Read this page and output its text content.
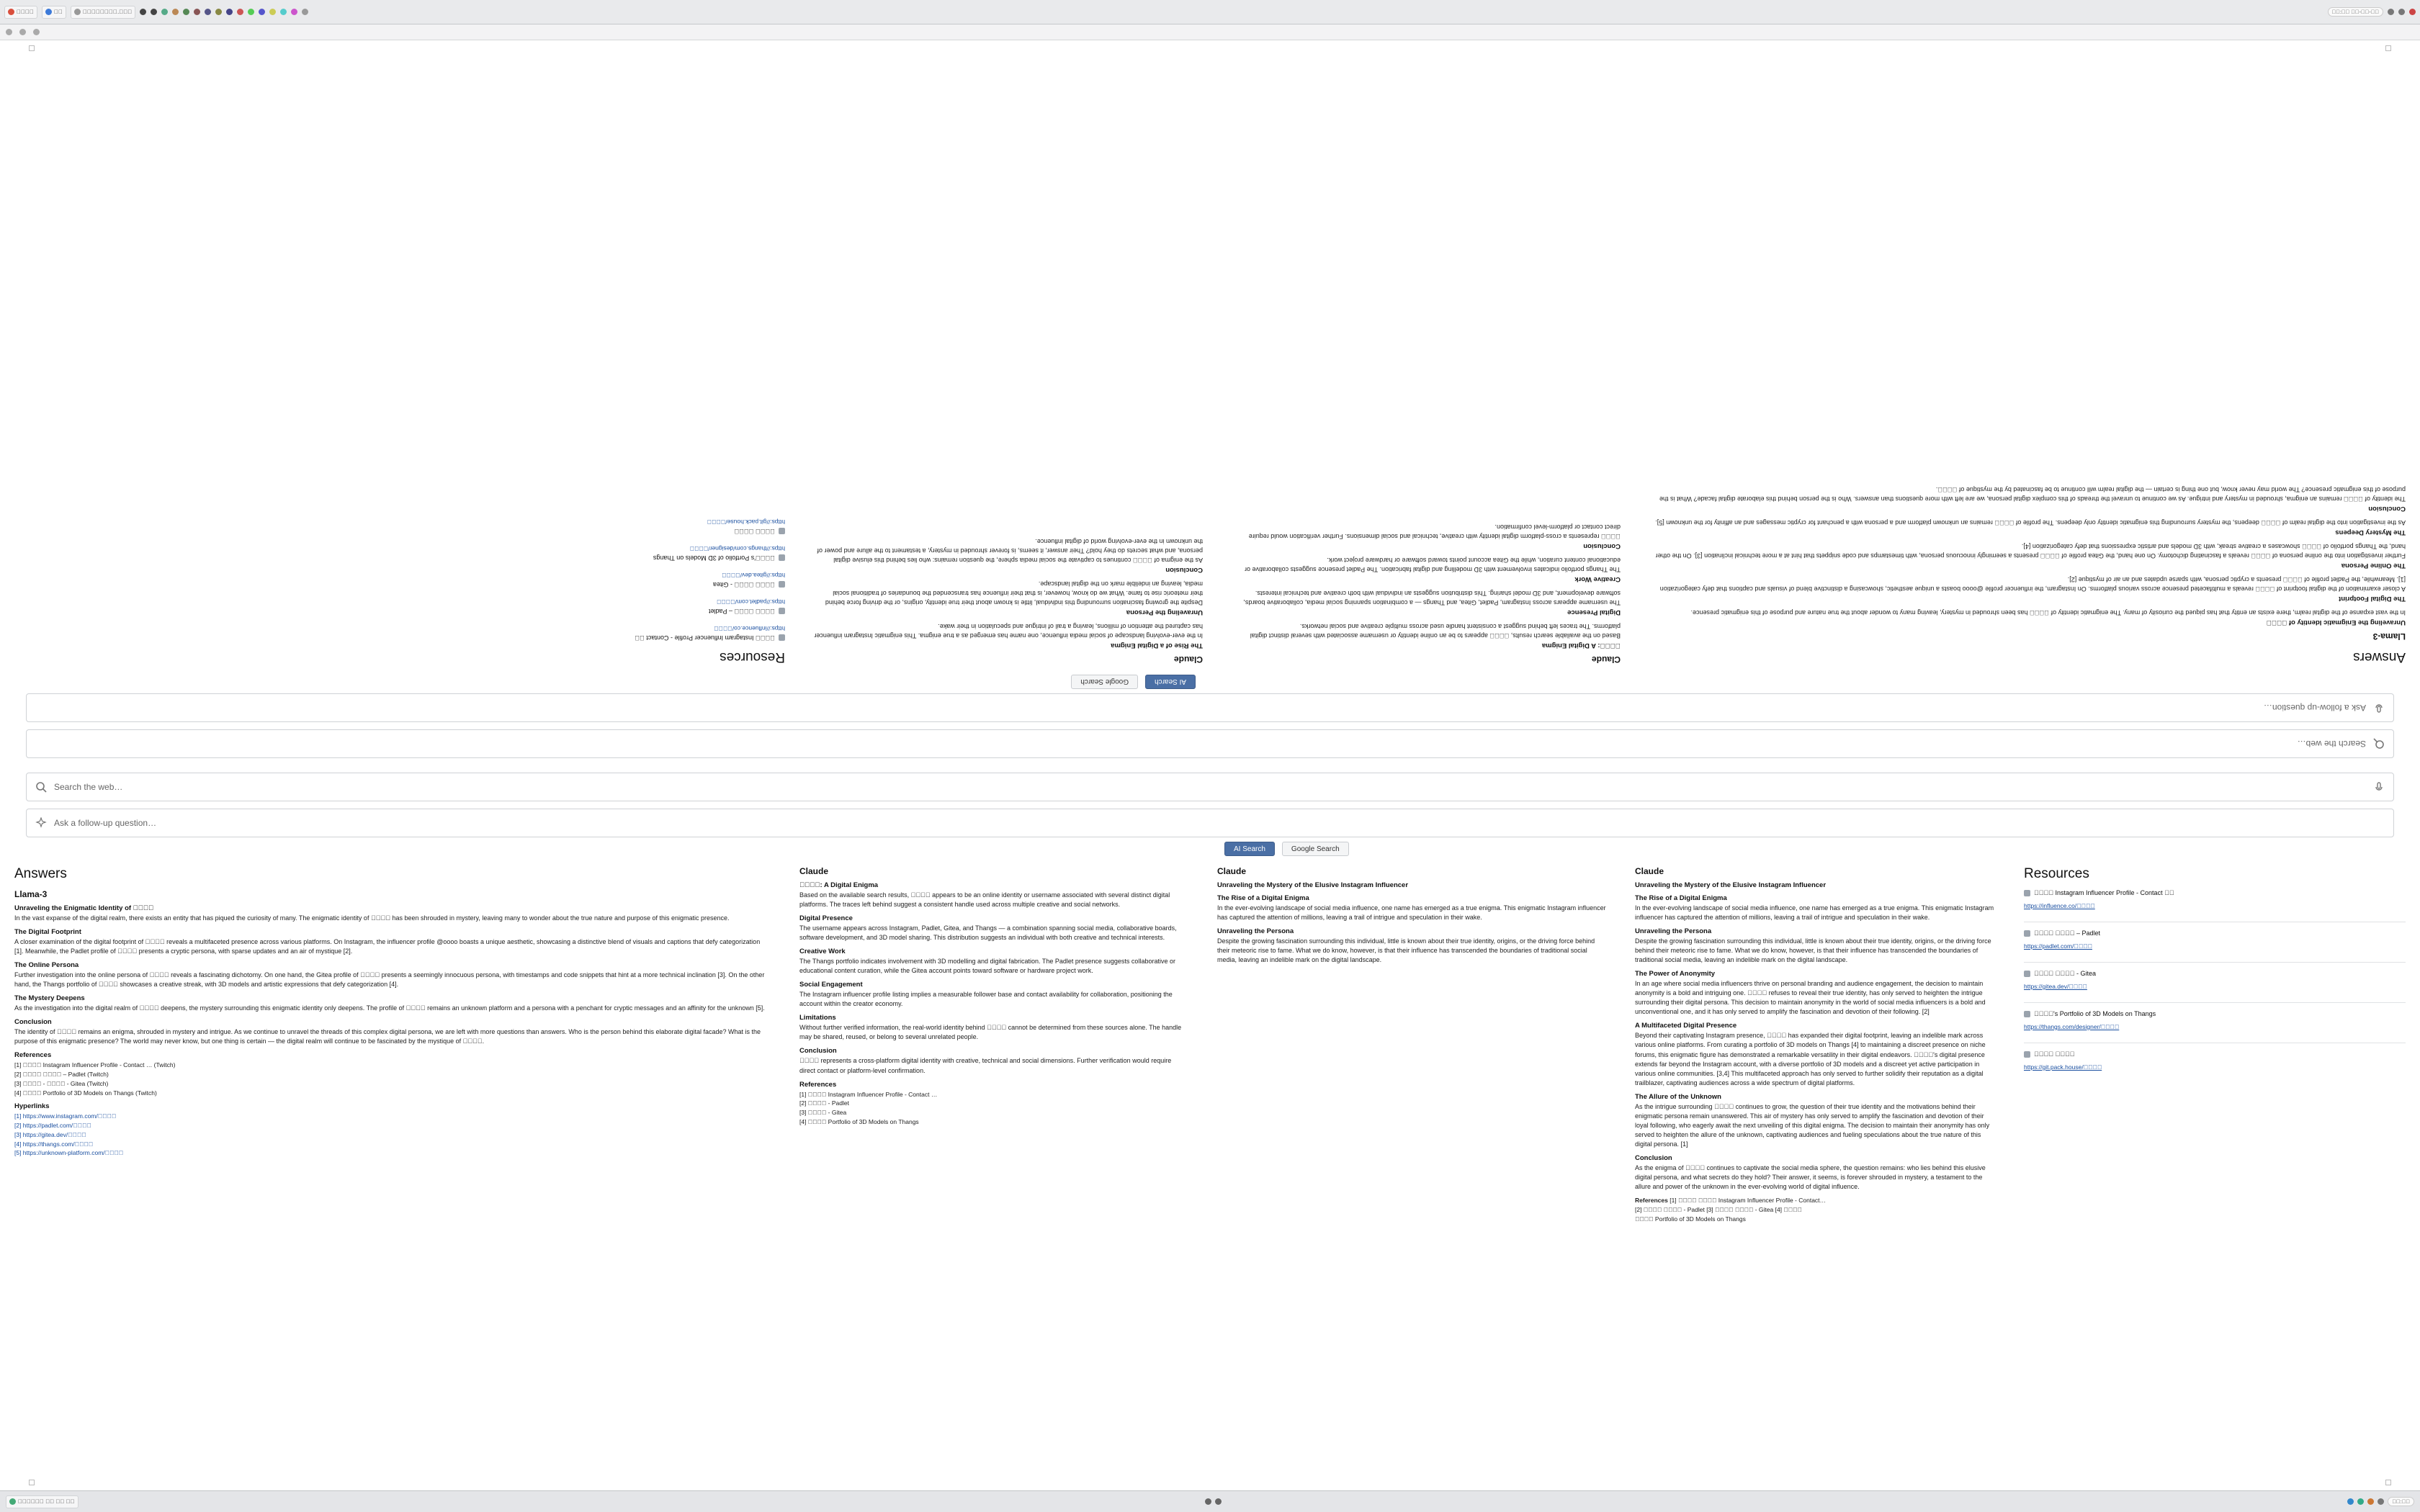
    	  	        .   	  :     -  -  
Search the web…
Ask a follow-up question…
AI Search
Google Search
Answers
Llama-3
Unraveling the Enigmatic Identity of     

In the vast expanse of the digital realm, there exists an entity that has piqued the curiosity of many. The enigmatic identity of      has been shrouded in mystery, leaving many to wonder about the true nature and purpose of this enigmatic presence.

The Digital Footprint

A closer examination of the digital footprint of      reveals a multifaceted presence across various platforms. On Instagram, the influencer profile @oooo boasts a unique aesthetic, showcasing a distinctive blend of visuals and captions that defy categorization [1]. Meanwhile, the Padlet profile of      presents a cryptic persona, with sparse updates and an air of mystique [2].

The Online Persona

Further investigation into the online persona of      reveals a fascinating dichotomy. On one hand, the Gitea profile of      presents a seemingly innocuous persona, with timestamps and code snippets that hint at a more technical inclination [3]. On the other hand, the Thangs portfolio of      showcases a creative streak, with 3D models and artistic expressions that defy categorization [4].

The Mystery Deepens

As the investigation into the digital realm of      deepens, the mystery surrounding this enigmatic identity only deepens. The profile of      remains an unknown platform and a persona with a penchant for cryptic messages and an affinity for the unknown [5].

Conclusion

The identity of      remains an enigma, shrouded in mystery and intrigue. As we continue to unravel the threads of this complex digital persona, we are left with more questions than answers. Who is the person behind this elaborate digital facade? What is the purpose of this enigmatic presence? The world may never know, but one thing is certain — the digital realm will continue to be fascinated by the mystique of     .

Claude
    : A Digital Enigma

Based on the available search results,      appears to be an online identity or username associated with several distinct digital platforms. The traces left behind suggest a consistent handle used across multiple creative and social networks.

Digital Presence

The username appears across Instagram, Padlet, Gitea, and Thangs — a combination spanning social media, collaborative boards, software development, and 3D model sharing. This distribution suggests an individual with both creative and technical interests.

Creative Work

The Thangs portfolio indicates involvement with 3D modelling and digital fabrication. The Padlet presence suggests collaborative or educational content curation, while the Gitea account points toward software or hardware project work.

Conclusion

     represents a cross-platform digital identity with creative, technical and social dimensions. Further verification would require direct contact or platform-level confirmation.

Claude
The Rise of a Digital Enigma

In the ever-evolving landscape of social media influence, one name has emerged as a true enigma. This enigmatic Instagram influencer has captured the attention of millions, leaving a trail of intrigue and speculation in their wake.

Unraveling the Persona

Despite the growing fascination surrounding this individual, little is known about their true identity, origins, or the driving force behind their meteoric rise to fame. What we do know, however, is that their influence has transcended the boundaries of traditional social media, leaving an indelible mark on the digital landscape.

Conclusion

As the enigma of      continues to captivate the social media sphere, the question remains: who lies behind this elusive digital persona, and what secrets do they hold? Their answer, it seems, is forever shrouded in mystery, a testament to the allure and power of the unknown in the ever-evolving world of digital influence.

Resources
     Instagram Influencer Profile - Contact   
https://influence.co/    
          – Padlet
https://padlet.com/    
          - Gitea
https://gitea.dev/    
    's Portfolio of 3D Models on Thangs
https://thangs.com/designer/    
         
https://git.pack.house/    
Search the web…
Ask a follow-up question…
AI Search	Google Search
Answers
Llama-3
Unraveling the Enigmatic Identity of     

In the vast expanse of the digital realm, there exists an entity that has piqued the curiosity of many. The enigmatic identity of      has been shrouded in mystery, leaving many to wonder about the true nature and purpose of this enigmatic presence.

The Digital Footprint

A closer examination of the digital footprint of      reveals a multifaceted presence across various platforms. On Instagram, the influencer profile @oooo boasts a unique aesthetic, showcasing a distinctive blend of visuals and captions that defy categorization [1]. Meanwhile, the Padlet profile of      presents a cryptic persona, with sparse updates and an air of mystique [2].

The Online Persona

Further investigation into the online persona of      reveals a fascinating dichotomy. On one hand, the Gitea profile of      presents a seemingly innocuous persona, with timestamps and code snippets that hint at a more technical inclination [3]. On the other hand, the Thangs portfolio of      showcases a creative streak, with 3D models and artistic expressions that defy categorization [4].

The Mystery Deepens

As the investigation into the digital realm of      deepens, the mystery surrounding this enigmatic identity only deepens. The profile of      remains an unknown platform and a persona with a penchant for cryptic messages and an affinity for the unknown [5].

Conclusion

The identity of      remains an enigma, shrouded in mystery and intrigue. As we continue to unravel the threads of this complex digital persona, we are left with more questions than answers. Who is the person behind this elaborate digital facade? What is the purpose of this enigmatic presence? The world may never know, but one thing is certain — the digital realm will continue to be fascinated by the mystique of     .

References
[1]      Instagram Influencer Profile - Contact … (Twitch)
[2]           – Padlet (Twitch)
[3]      -      - Gitea (Twitch)
[4]      Portfolio of 3D Models on Thangs (Twitch)
Hyperlinks
[1] https://www.instagram.com/    
[2] https://padlet.com/    
[3] https://gitea.dev/    
[4] https://thangs.com/    
[5] https://unknown-platform.com/    
Claude
    : A Digital Enigma

Based on the available search results,      appears to be an online identity or username associated with several distinct digital platforms. The traces left behind suggest a consistent handle used across multiple creative and social networks.

Digital Presence

The username appears across Instagram, Padlet, Gitea, and Thangs — a combination spanning social media, collaborative boards, software development, and 3D model sharing. This distribution suggests an individual with both creative and technical interests.

Creative Work

The Thangs portfolio indicates involvement with 3D modelling and digital fabrication. The Padlet presence suggests collaborative or educational content curation, while the Gitea account points toward software or hardware project work.

Social Engagement

The Instagram influencer profile listing implies a measurable follower base and contact availability for collaboration, positioning the account within the creator economy.

Limitations

Without further verified information, the real-world identity behind      cannot be determined from these sources alone. The handle may be shared, reused, or belong to several unrelated people.

Conclusion

     represents a cross-platform digital identity with creative, technical and social dimensions. Further verification would require direct contact or platform-level confirmation.

References
[1]      Instagram Influencer Profile - Contact …
[2]      - Padlet
[3]      - Gitea
[4]      Portfolio of 3D Models on Thangs
Claude
Unraveling the Mystery of the Elusive Instagram Influencer
The Rise of a Digital Enigma

In the ever-evolving landscape of social media influence, one name has emerged as a true enigma. This enigmatic Instagram influencer has captured the attention of millions, leaving a trail of intrigue and speculation in their wake.

Unraveling the Persona

Despite the growing fascination surrounding this individual, little is known about their true identity, origins, or the driving force behind their meteoric rise to fame. What we do know, however, is that their influence has transcended the boundaries of traditional social media, leaving an indelible mark on the digital landscape.

Claude
Unraveling the Mystery of the Elusive Instagram Influencer
The Rise of a Digital Enigma

In the ever-evolving landscape of social media influence, one name has emerged as a true enigma. This enigmatic Instagram influencer has captured the attention of millions, leaving a trail of intrigue and speculation in their wake.

Unraveling the Persona

Despite the growing fascination surrounding this individual, little is known about their true identity, origins, or the driving force behind their meteoric rise to fame. What we do know, however, is that their influence has transcended the boundaries of traditional social media, leaving an indelible mark on the digital landscape.

The Power of Anonymity

In an age where social media influencers thrive on personal branding and audience engagement, the decision to maintain anonymity is a bold and intriguing one.      refuses to reveal their true identity, has only served to heighten the intrigue surrounding their digital persona. This decision to maintain anonymity in the world of social media influencers is a bold and unconventional one, and it has only served to amplify the fascination and devotion of their following. [2]

A Multifaceted Digital Presence

Beyond their captivating Instagram presence,      has expanded their digital footprint, leaving an indelible mark across various online platforms. From curating a portfolio of 3D models on Thangs [4] to maintaining a discreet presence on niche forums, this enigmatic figure has demonstrated a remarkable versatility in their digital endeavors.     's digital presence extends far beyond the Instagram account, with a diverse portfolio of 3D models and a discreet yet active participation in various online communities. [3,4] This multifaceted approach has only served to further solidify their reputation as a digital trailblazer, captivating audiences across a wide spectrum of digital platforms.

The Allure of the Unknown

As the intrigue surrounding      continues to grow, the question of their true identity and the motivations behind their enigmatic persona remain unanswered. This air of mystery has only served to amplify the fascination and devotion of their loyal following, who eagerly await the next unveiling of this digital enigma. The decision to maintain their anonymity has only served to heighten the allure of the unknown, captivating audiences and fueling speculations about the true nature of this digital persona. [1]

Conclusion

As the enigma of      continues to captivate the social media sphere, the question remains: who lies behind this elusive digital persona, and what secrets do they hold? Their answer, it seems, is forever shrouded in mystery, a testament to the allure and power of the unknown in the ever-evolving world of digital influence.

References [1]           Instagram Influencer Profile - Contact…
[2]           - Padlet [3]           - Gitea [4]     
     Portfolio of 3D Models on Thangs
Resources
     Instagram Influencer Profile - Contact   
https://influence.co/    
          – Padlet
https://padlet.com/    
          - Gitea
https://gitea.dev/    
    's Portfolio of 3D Models on Thangs
https://thangs.com/designer/    
         
https://git.pack.house/    
               	  :  
